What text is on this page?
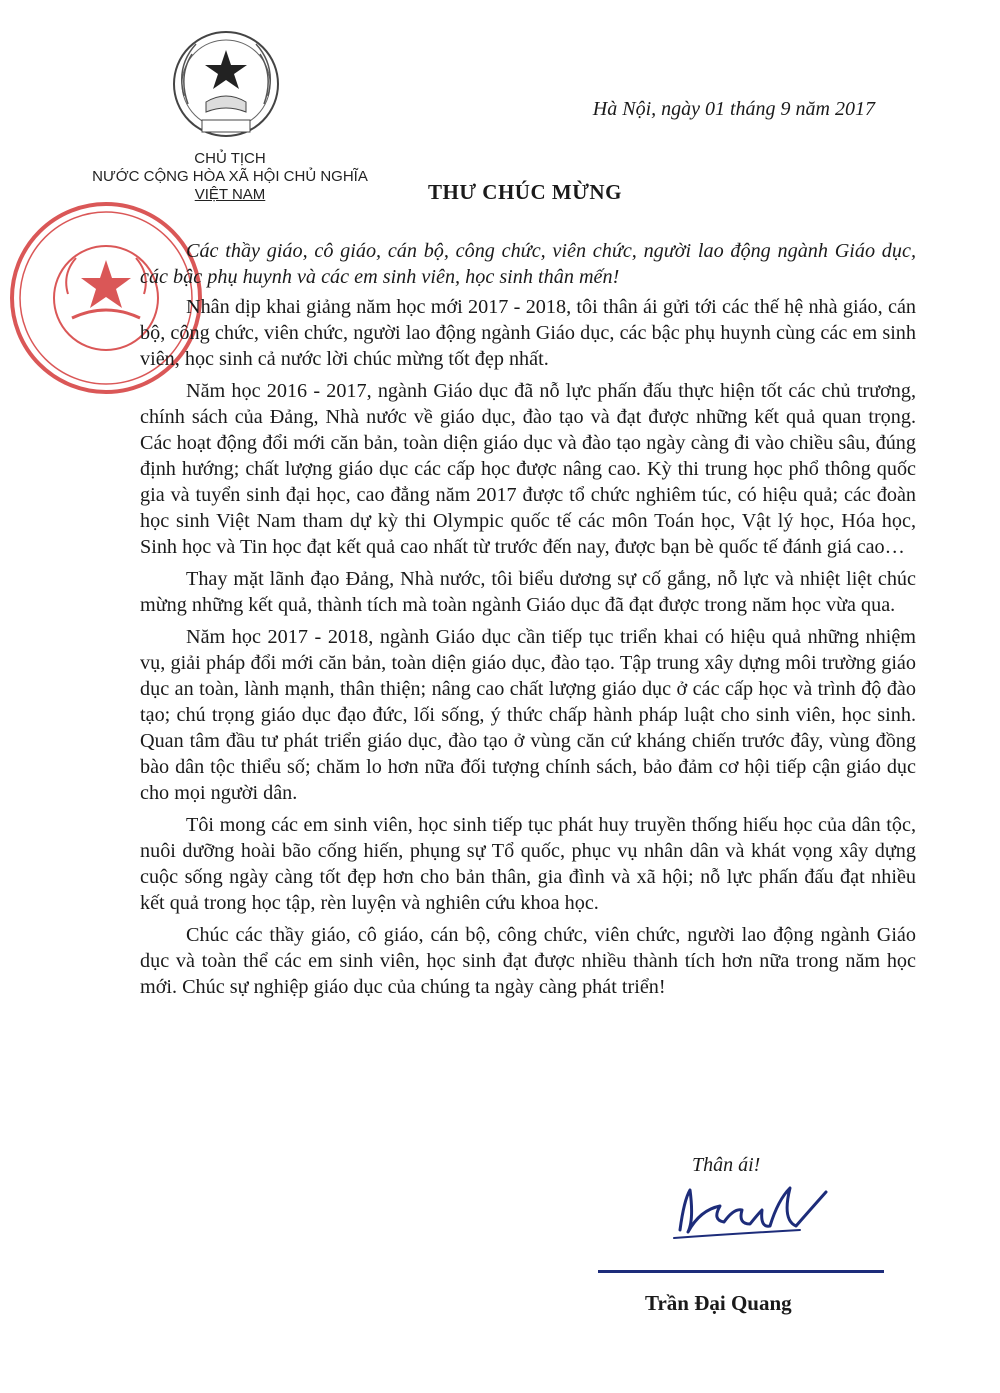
CHỦ TỊCH
NƯỚC CỘNG HÒA XÃ HỘI CHỦ NGHĨA
VIỆT NAM
Hà Nội, ngày 01 tháng 9 năm 2017
THƯ CHÚC MỪNG

Các thầy giáo, cô giáo, cán bộ, công chức, viên chức, người lao động ngành Giáo dục, các bậc phụ huynh và các em sinh viên, học sinh thân mến!

Nhân dịp khai giảng năm học mới 2017 - 2018, tôi thân ái gửi tới các thế hệ nhà giáo, cán bộ, công chức, viên chức, người lao động ngành Giáo dục, các bậc phụ huynh cùng các em sinh viên, học sinh cả nước lời chúc mừng tốt đẹp nhất.

Năm học 2016 - 2017, ngành Giáo dục đã nỗ lực phấn đấu thực hiện tốt các chủ trương, chính sách của Đảng, Nhà nước về giáo dục, đào tạo và đạt được những kết quả quan trọng. Các hoạt động đổi mới căn bản, toàn diện giáo dục và đào tạo ngày càng đi vào chiều sâu, đúng định hướng; chất lượng giáo dục các cấp học được nâng cao. Kỳ thi trung học phổ thông quốc gia và tuyển sinh đại học, cao đẳng năm 2017 được tổ chức nghiêm túc, có hiệu quả; các đoàn học sinh Việt Nam tham dự kỳ thi Olympic quốc tế các môn Toán học, Vật lý học, Hóa học, Sinh học và Tin học đạt kết quả cao nhất từ trước đến nay, được bạn bè quốc tế đánh giá cao…

Thay mặt lãnh đạo Đảng, Nhà nước, tôi biểu dương sự cố gắng, nỗ lực và nhiệt liệt chúc mừng những kết quả, thành tích mà toàn ngành Giáo dục đã đạt được trong năm học vừa qua.

Năm học 2017 - 2018, ngành Giáo dục cần tiếp tục triển khai có hiệu quả những nhiệm vụ, giải pháp đổi mới căn bản, toàn diện giáo dục, đào tạo. Tập trung xây dựng môi trường giáo dục an toàn, lành mạnh, thân thiện; nâng cao chất lượng giáo dục ở các cấp học và trình độ đào tạo; chú trọng giáo dục đạo đức, lối sống, ý thức chấp hành pháp luật cho sinh viên, học sinh. Quan tâm đầu tư phát triển giáo dục, đào tạo ở vùng căn cứ kháng chiến trước đây, vùng đồng bào dân tộc thiểu số; chăm lo hơn nữa đối tượng chính sách, bảo đảm cơ hội tiếp cận giáo dục cho mọi người dân.

Tôi mong các em sinh viên, học sinh tiếp tục phát huy truyền thống hiếu học của dân tộc, nuôi dưỡng hoài bão cống hiến, phụng sự Tổ quốc, phục vụ nhân dân và khát vọng xây dựng cuộc sống ngày càng tốt đẹp hơn cho bản thân, gia đình và xã hội; nỗ lực phấn đấu đạt nhiều kết quả trong học tập, rèn luyện và nghiên cứu khoa học.

Chúc các thầy giáo, cô giáo, cán bộ, công chức, viên chức, người lao động ngành Giáo dục và toàn thể các em sinh viên, học sinh đạt được nhiều thành tích hơn nữa trong năm học mới. Chúc sự nghiệp giáo dục của chúng ta ngày càng phát triển!

Thân ái!
Trần Đại Quang
